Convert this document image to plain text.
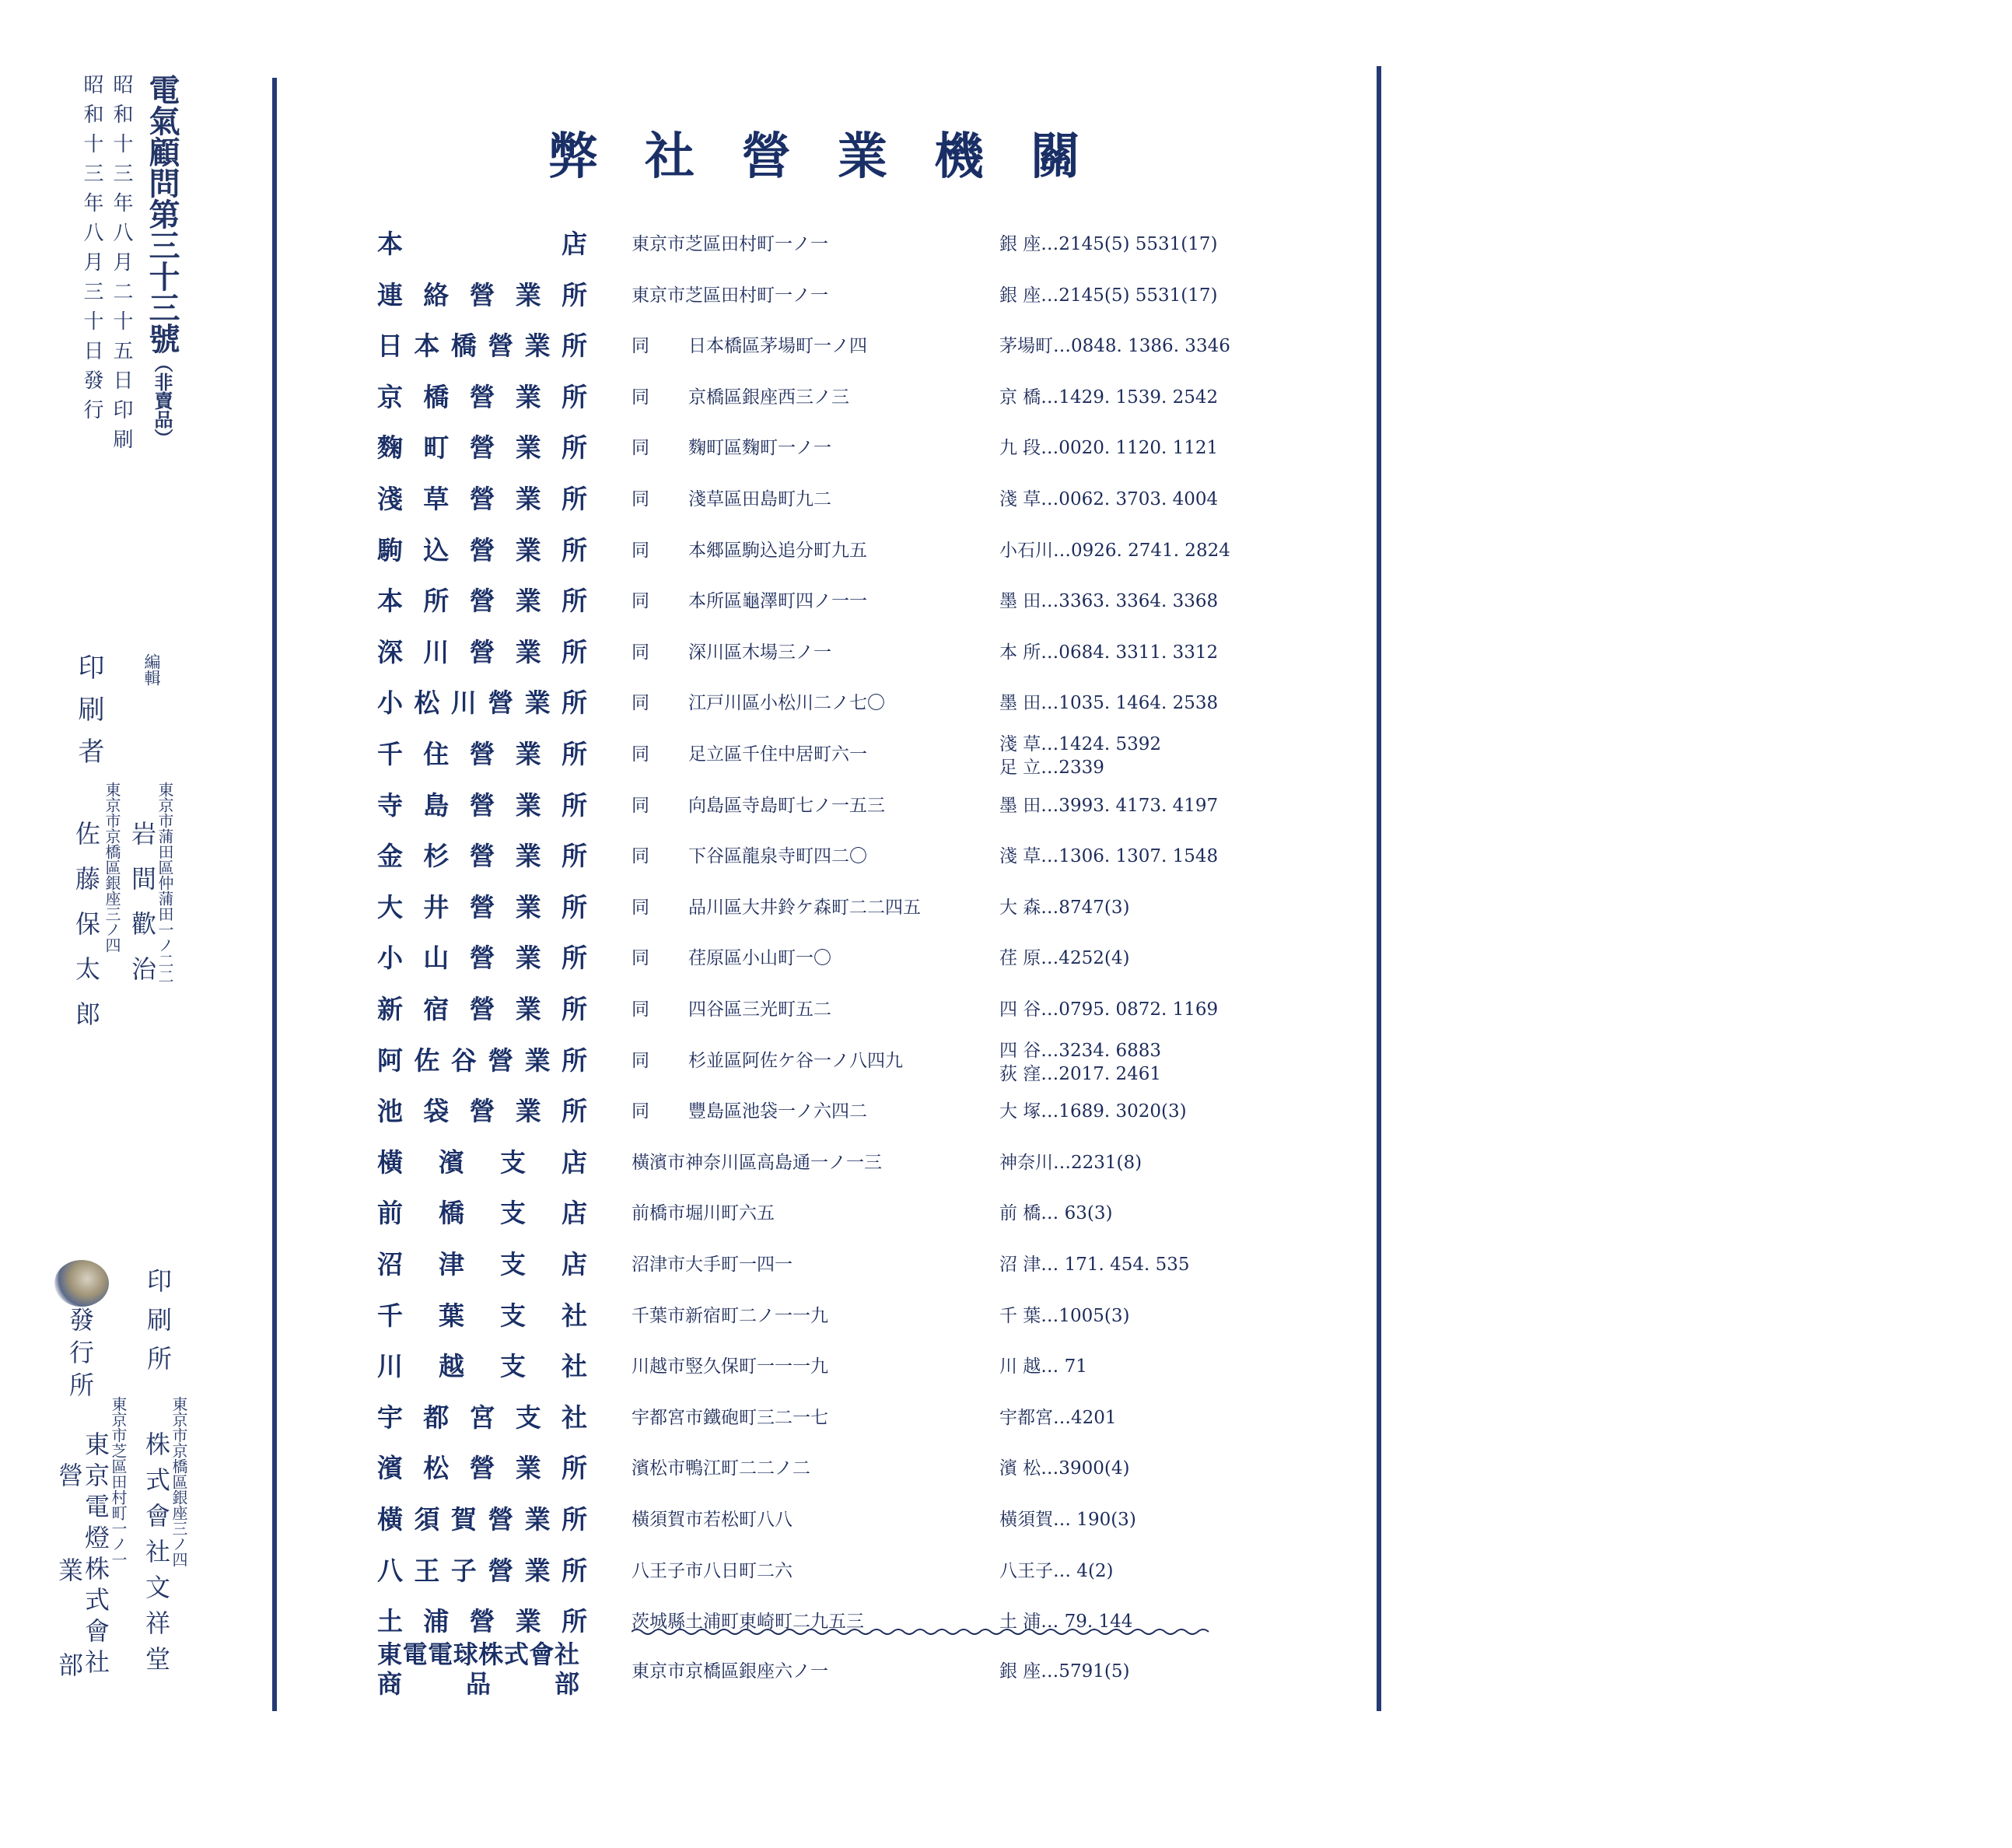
電氣顧問第三十三號（非賣品）
昭和十三年八月二十五日印刷
昭和十三年八月三十日發行
編輯
印刷者
東京市蒲田區仲蒲田一ノ二二
岩間歡治
東京市京橋區銀座三ノ四
佐藤保太郎
印刷所
發行所
東京市京橋區銀座三ノ四
株式會社文祥堂
東京市芝區田村町一ノ一
東京電燈株式會社
營業部
弊社營業機關
本店 東京市芝區田村町一ノ一	銀 座…2145(5) 5531(17)
連絡營業所 東京市芝區田村町一ノ一	銀 座…2145(5) 5531(17)
日本橋營業所 同 日本橋區茅場町一ノ四	茅場町…0848. 1386. 3346
京橋營業所 同 京橋區銀座西三ノ三	京 橋…1429. 1539. 2542
麴町營業所 同 麴町區麴町一ノ一	九 段…0020. 1120. 1121
淺草營業所 同 淺草區田島町九二	淺 草…0062. 3703. 4004
駒込營業所 同 本郷區駒込追分町九五	小石川…0926. 2741. 2824
本所營業所 同 本所區龜澤町四ノ一一	墨 田…3363. 3364. 3368
深川營業所 同 深川區木場三ノ一	本 所…0684. 3311. 3312
小松川營業所 同 江戸川區小松川二ノ七〇	墨 田…1035. 1464. 2538
千住營業所 同 足立區千住中居町六一	淺 草…1424. 5392
足 立…2339
寺島營業所 同 向島區寺島町七ノ一五三	墨 田…3993. 4173. 4197
金杉營業所 同 下谷區龍泉寺町四二〇	淺 草…1306. 1307. 1548
大井營業所 同 品川區大井鈴ケ森町二二四五	大 森…8747(3)
小山營業所 同 荏原區小山町一〇	荏 原…4252(4)
新宿營業所 同 四谷區三光町五二	四 谷…0795. 0872. 1169
阿佐谷營業所 同 杉並區阿佐ケ谷一ノ八四九	四 谷…3234. 6883
荻 窪…2017. 2461
池袋營業所 同 豐島區池袋一ノ六四二	大 塚…1689. 3020(3)
橫濱支店 橫濱市神奈川區高島通一ノ一三	神奈川…2231(8)
前橋支店 前橋市堀川町六五	前 橋… 63(3)
沼津支店 沼津市大手町一四一	沼 津… 171. 454. 535
千葉支社 千葉市新宿町二ノ一一九	千 葉…1005(3)
川越支社 川越市竪久保町一一一九	川 越… 71
宇都宮支社 宇都宮市鐵砲町三二一七	宇都宮…4201
濱松營業所 濱松市鴨江町二二ノ二	濱 松…3900(4)
橫須賀營業所 橫須賀市若松町八八	橫須賀… 190(3)
八王子營業所 八王子市八日町二六	八王子… 4(2)
土浦營業所 茨城縣土浦町東崎町二九五三	土 浦… 79. 144
東電電球株式會社
商品部	東京市京橋區銀座六ノ一	銀 座…5791(5)
